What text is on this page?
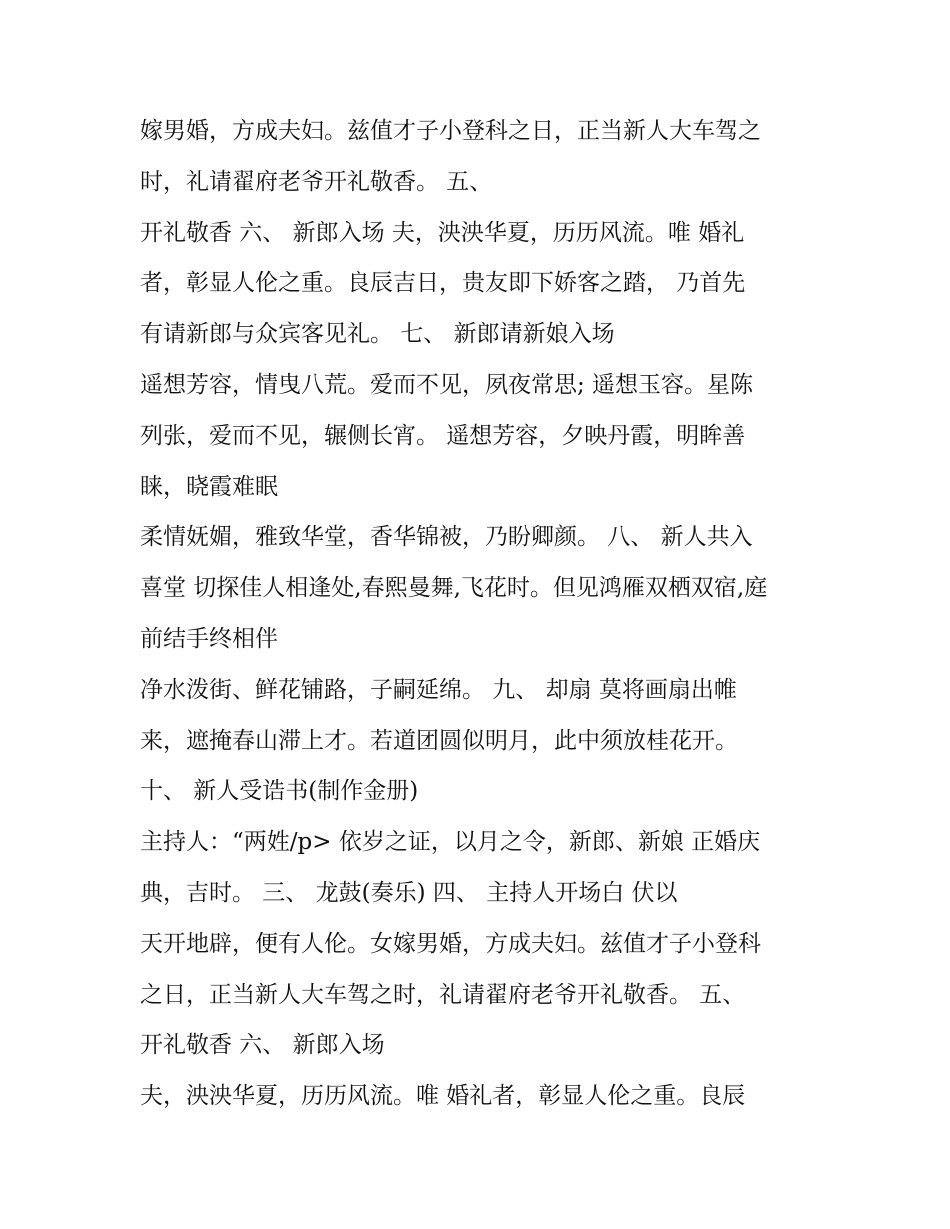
嫁男婚，方成夫妇。兹值才子小登科之日，正当新人大车驾之
时，礼请翟府老爷开礼敬香。 五、
开礼敬香 六、 新郎入场 夫，泱泱华夏，历历风流。唯 婚礼
者，彰显人伦之重。良辰吉日，贵友即下娇客之踏， 乃首先
有请新郎与众宾客见礼。 七、 新郎请新娘入场
遥想芳容，情曳八荒。爱而不见，夙夜常思; 遥想玉容。星陈
列张，爱而不见，辗侧长宵。 遥想芳容，夕映丹霞，明眸善
睐，晓霞难眠
柔情妩媚，雅致华堂，香华锦被，乃盼卿颜。 八、 新人共入
喜堂 切探佳人相逢处,春熙曼舞,飞花时。但见鸿雁双栖双宿,庭
前结手终相伴
净水泼街、鲜花铺路，子嗣延绵。 九、 却扇 莫将画扇出帷
来，遮掩春山滞上才。若道团圆似明月，此中须放桂花开。
十、 新人受诰书(制作金册)
主持人：“两姓/p> 依岁之证，以月之令，新郎、新娘 正婚庆
典，吉时。 三、 龙鼓(奏乐) 四、 主持人开场白 伏以
天开地辟，便有人伦。女嫁男婚，方成夫妇。兹值才子小登科
之日，正当新人大车驾之时，礼请翟府老爷开礼敬香。 五、
开礼敬香 六、 新郎入场
夫，泱泱华夏，历历风流。唯 婚礼者，彰显人伦之重。良辰
